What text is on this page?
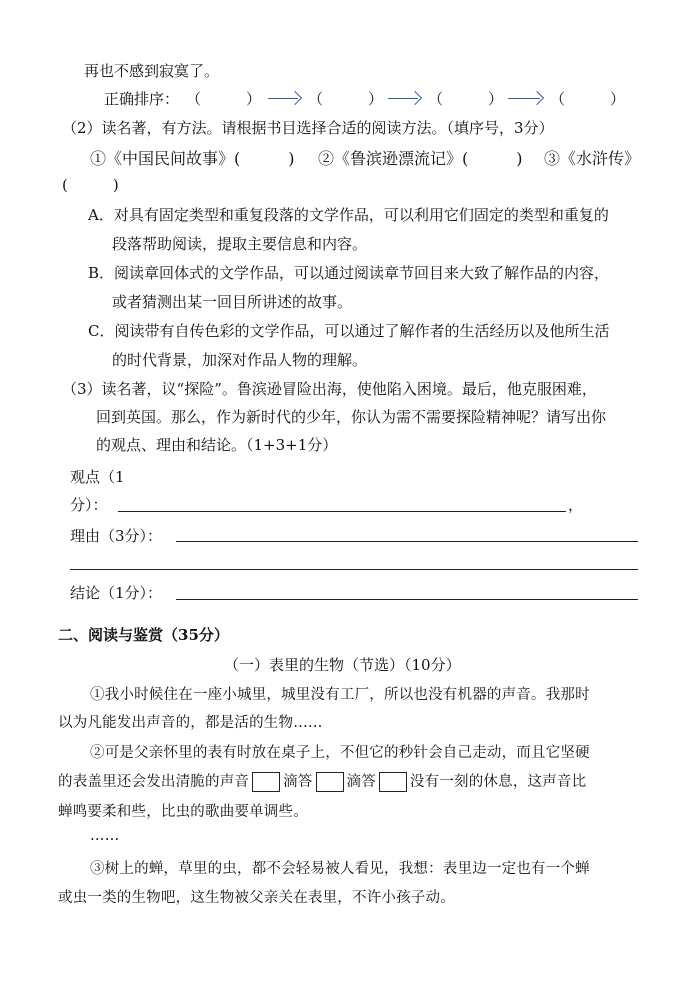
再也不感到寂寞了。
正确排序： （　　　）	（　　　）	（　　　）	（　　　）
（2）读名著，有方法。请根据书目选择合适的阅读方法。（填序号，3分）
①《中国民间故事》(　　　) ②《鲁滨逊漂流记》(　　　) ③《水浒传》
(　　　)
A．对具有固定类型和重复段落的文学作品，可以利用它们固定的类型和重复的
段落帮助阅读，提取主要信息和内容。
B．阅读章回体式的文学作品，可以通过阅读章节回目来大致了解作品的内容，
或者猜测出某一回目所讲述的故事。
C．阅读带有自传色彩的文学作品，可以通过了解作者的生活经历以及他所生活
的时代背景，加深对作品人物的理解。
（3）读名著，议“探险”。鲁滨逊冒险出海，使他陷入困境。最后，他克服困难，
回到英国。那么，作为新时代的少年，你认为需不需要探险精神呢？请写出你
的观点、理由和结论。（1+3+1分）
观点（1
分）：	，
理由（3分）：
结论（1分）：
二、阅读与鉴赏（35分）
（一）表里的生物（节选）（10分）
①我小时候住在一座小城里，城里没有工厂，所以也没有机器的声音。我那时
以为凡能发出声音的，都是活的生物……
②可是父亲怀里的表有时放在桌子上，不但它的秒针会自己走动，而且它坚硬
的表盖里还会发出清脆的声音 滴答 滴答 没有一刻的休息，这声音比
蝉鸣要柔和些，比虫的歌曲要单调些。
……
③树上的蝉，草里的虫，都不会轻易被人看见，我想：表里边一定也有一个蝉
或虫一类的生物吧，这生物被父亲关在表里，不许小孩子动。
